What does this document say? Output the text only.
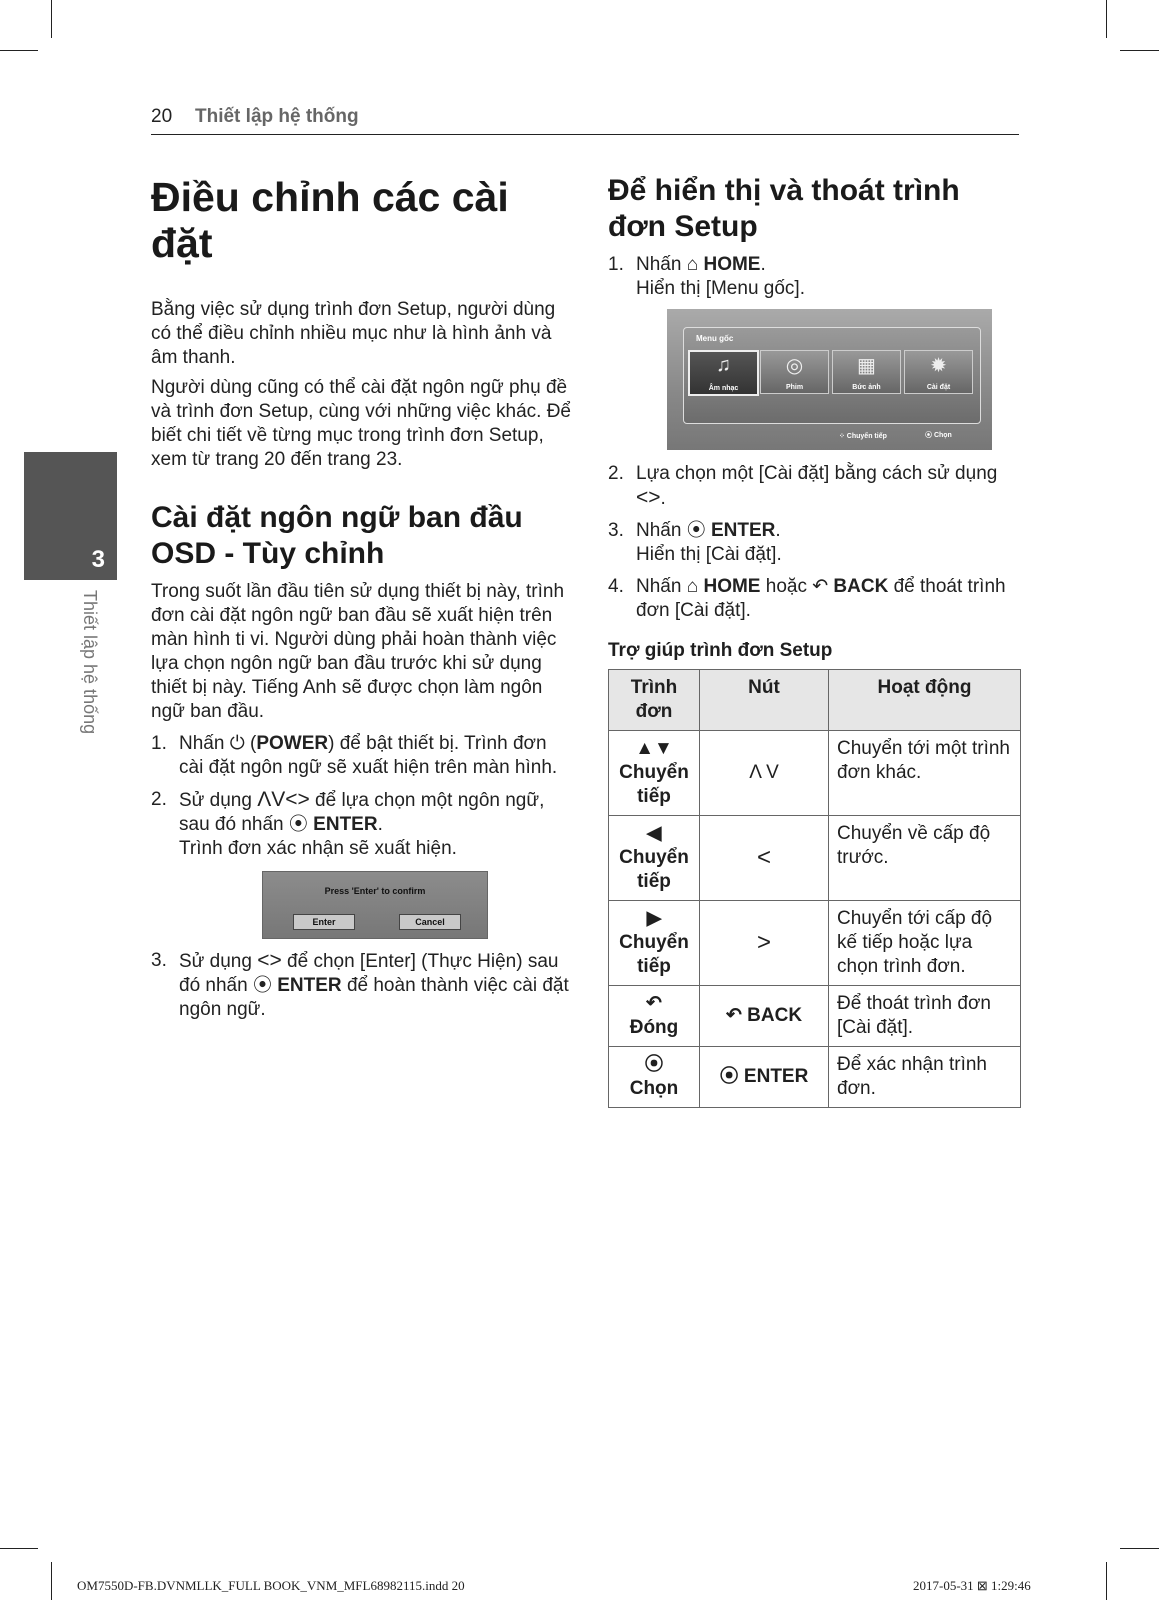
20 Thiết lập hệ thống
3
Thiết lập hệ thống
Điều chỉnh các cài đặt

Bằng việc sử dụng trình đơn Setup, người dùng có thể điều chỉnh nhiều mục như là hình ảnh và âm thanh.

Người dùng cũng có thể cài đặt ngôn ngữ phụ đề và trình đơn Setup, cùng với những việc khác. Để biết chi tiết về từng mục trong trình đơn Setup, xem từ trang 20 đến trang 23.

Cài đặt ngôn ngữ ban đầu OSD - Tùy chỉnh

Trong suốt lần đầu tiên sử dụng thiết bị này, trình đơn cài đặt ngôn ngữ ban đầu sẽ xuất hiện trên màn hình ti vi. Người dùng phải hoàn thành việc lựa chọn ngôn ngữ ban đầu trước khi sử dụng thiết bị này. Tiếng Anh sẽ được chọn làm ngôn ngữ ban đầu.

1. Nhấn ⏻ (POWER) để bật thiết bị. Trình đơn cài đặt ngôn ngữ sẽ xuất hiện trên màn hình.
2. Sử dụng ΛV<> để lựa chọn một ngôn ngữ, sau đó nhấn ⦿ ENTER.
Trình đơn xác nhận sẽ xuất hiện.
Press 'Enter' to confirm
Enter	Cancel
3. Sử dụng <> để chọn [Enter] (Thực Hiện) sau đó nhấn ⦿ ENTER để hoàn thành việc cài đặt ngôn ngữ.
Để hiển thị và thoát trình đơn Setup
1. Nhấn ⌂ HOME.
Hiển thị [Menu gốc].
Menu gốc
♫
Âm nhạc
◎
Phim
▦
Bức ảnh
✹
Cài đặt
⁘ Chuyển tiếp	⦿ Chọn
2. Lựa chọn một [Cài đặt] bằng cách sử dụng
<>.
3. Nhấn ⦿ ENTER.
Hiển thị [Cài đặt].
4. Nhấn ⌂ HOME hoặc ↶ BACK để thoát trình đơn [Cài đặt].
Trợ giúp trình đơn Setup
Trình đơn	Nút	Hoạt động

▲▼
Chuyển tiếp	Λ V	Chuyển tới một trình đơn khác.

◀
Chuyển tiếp	<	Chuyển về cấp độ trước.

▶
Chuyển tiếp	>	Chuyển tới cấp độ kế tiếp hoặc lựa chọn trình đơn.

↶
Đóng	↶ BACK	Để thoát trình đơn [Cài đặt].

⦿
Chọn	⦿ ENTER	Để xác nhận trình đơn.
OM7550D-FB.DVNMLLK_FULL BOOK_VNM_MFL68982115.indd 20	2017-05-31 ⊠ 1:29:46
